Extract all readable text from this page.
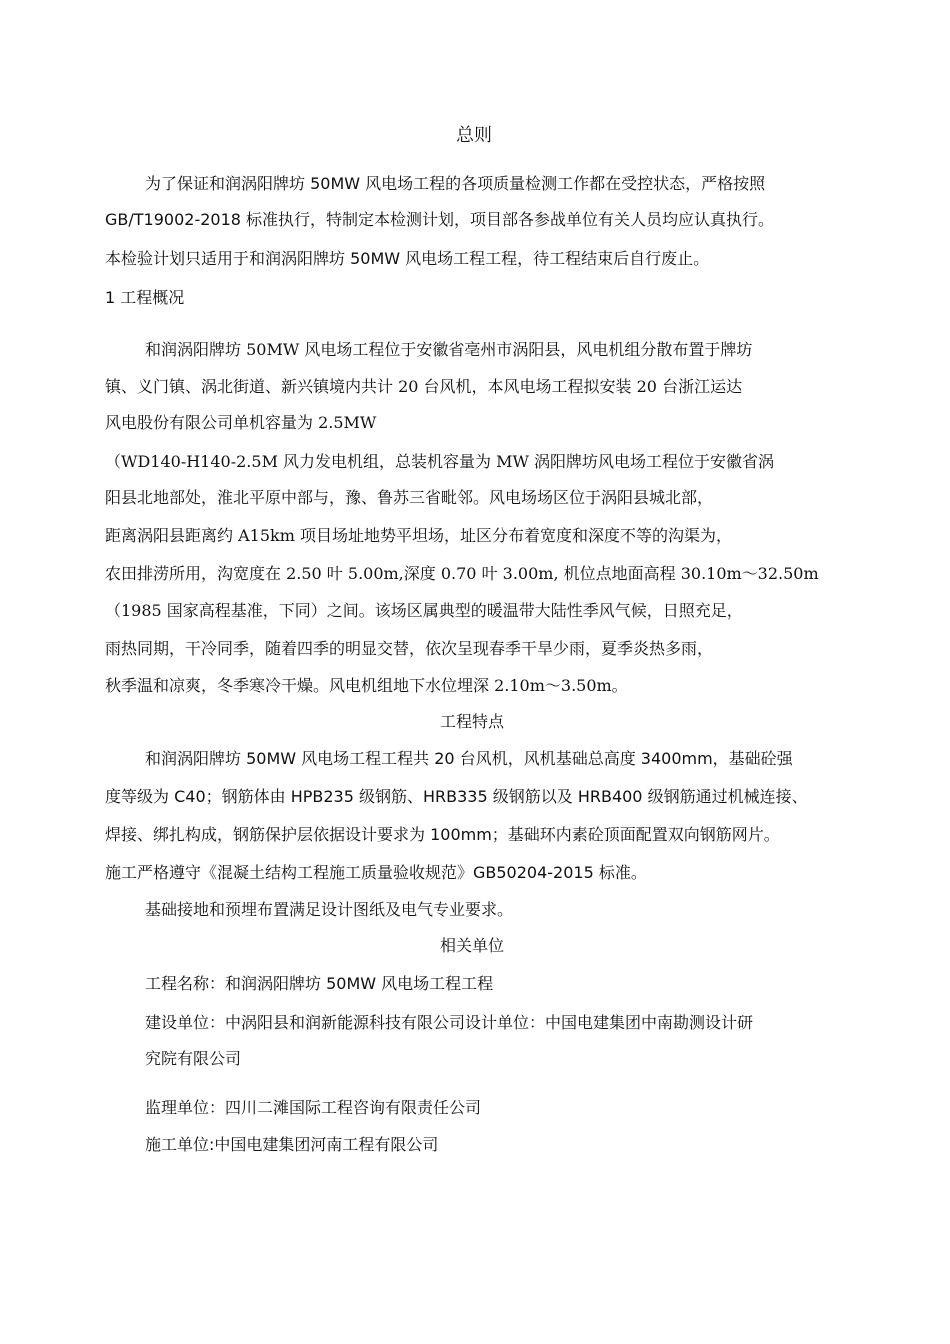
总则
为了保证和润涡阳牌坊 50MW 风电场工程的各项质量检测工作都在受控状态，严格按照
GB/T19002-2018 标准执行，特制定本检测计划，项目部各参战单位有关人员均应认真执行。
本检验计划只适用于和润涡阳牌坊 50MW 风电场工程工程，待工程结束后自行废止。
1 工程概况
和润涡阳牌坊 50MW 风电场工程位于安徽省亳州市涡阳县，风电机组分散布置于牌坊
镇、义门镇、涡北街道、新兴镇境内共计 20 台风机，本风电场工程拟安装 20 台浙江运达
风电股份有限公司单机容量为 2.5MW
（WD140-H140-2.5M 风力发电机组，总装机容量为 MW 涡阳牌坊风电场工程位于安徽省涡
阳县北地部处，淮北平原中部与，豫、鲁苏三省毗邻。风电场场区位于涡阳县城北部，
距离涡阳县距离约 A15km 项目场址地势平坦场，址区分布着宽度和深度不等的沟渠为，
农田排涝所用，沟宽度在 2.50 叶 5.00m,深度 0.70 叶 3.00m, 机位点地面高程 30.10m〜32.50m
（1985 国家高程基准，下同）之间。该场区属典型的暖温带大陆性季风气候，日照充足，
雨热同期，干冷同季，随着四季的明显交替，依次呈现春季干旱少雨，夏季炎热多雨，
秋季温和凉爽，冬季寒冷干燥。风电机组地下水位埋深 2.10m〜3.50m。
工程特点
和润涡阳牌坊 50MW 风电场工程工程共 20 台风机，风机基础总高度 3400mm，基础砼强
度等级为 C40；钢筋体由 HPB235 级钢筋、HRB335 级钢筋以及 HRB400 级钢筋通过机械连接、
焊接、绑扎构成，钢筋保护层依据设计要求为 100mm；基础环内素砼顶面配置双向钢筋网片。
施工严格遵守《混凝土结构工程施工质量验收规范》GB50204-2015 标准。
基础接地和预埋布置满足设计图纸及电气专业要求。
相关单位
工程名称：和润涡阳牌坊 50MW 风电场工程工程
建设单位：中涡阳县和润新能源科技有限公司设计单位：中国电建集团中南勘测设计研
究院有限公司
监理单位：四川二滩国际工程咨询有限责任公司
施工单位:中国电建集团河南工程有限公司
